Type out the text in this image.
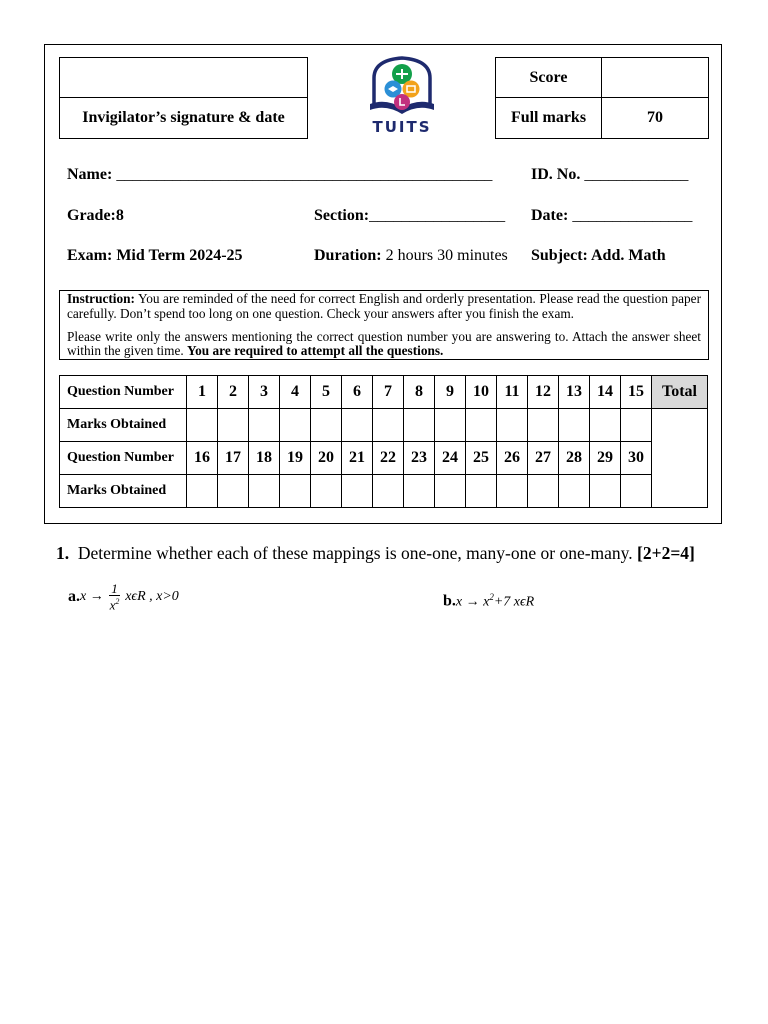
Invigilator’s signature & date
TUITS
Score
Full marks	70
Name: _______________________________________________ ID. No. _____________
Grade:8	Section:_________________ Date: _______________
Exam: Mid Term 2024-25	Duration: 2 hours 30 minutes Subject: Add. Math

Instruction: You are reminded of the need for correct English and orderly presentation. Please read the question paper carefully. Don’t spend too long on one question. Check your answers after you finish the exam.

Please write only the answers mentioning the correct question number you are answering to. Attach the answer sheet within the given time. You are required to attempt all the questions.

Question Number	1	2	3	4	5	6	7	8	9	10	11	12	13	14	15	Total
Marks Obtained																
Question Number	16	17	18	19	20	21	22	23	24	25	26	27	28	29	30	
Marks Obtained																
1. Determine whether each of these mappings is one-one, many-one or one-many. [2+2=4]
$a.x \to \frac{1}{x^2}$ xϵR , x>0	$b.x \to x^2+7$ xϵR
